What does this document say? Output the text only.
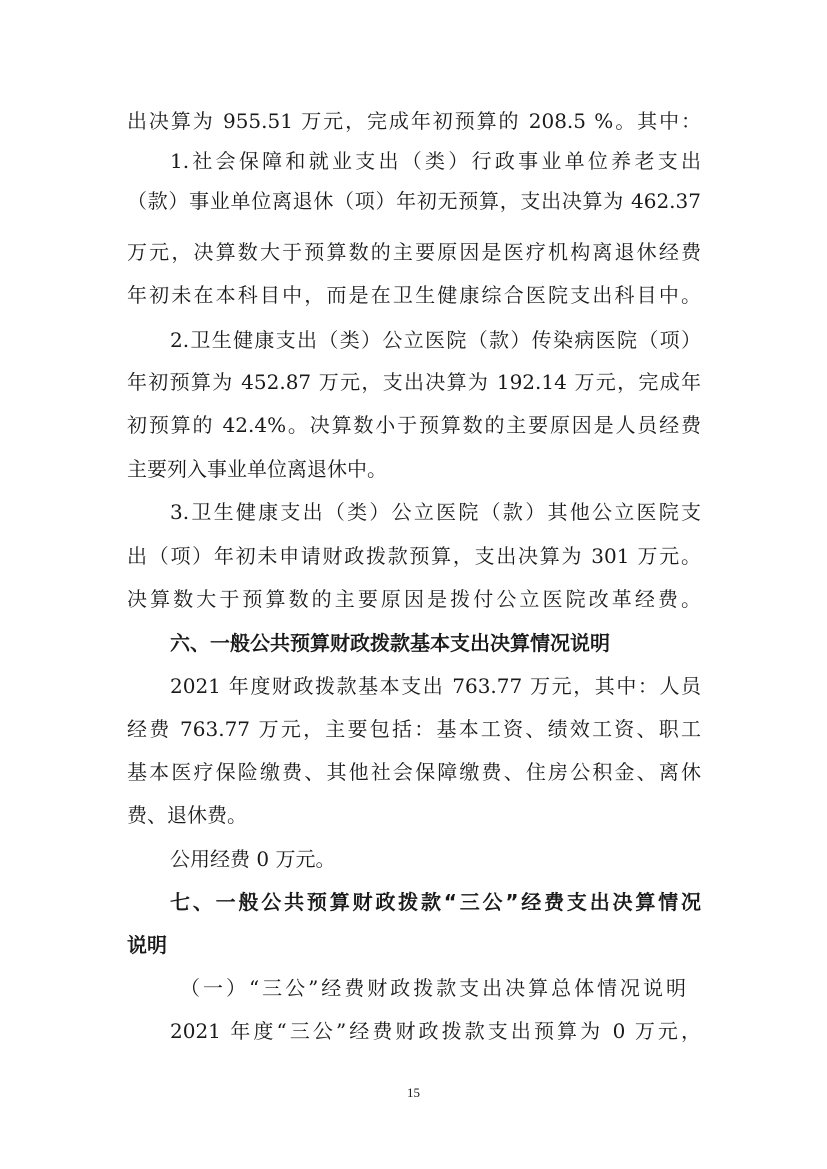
出决算为 955.51 万元，完成年初预算的 208.5 %。其中：
1.社会保障和就业支出（类）行政事业单位养老支出
（款）事业单位离退休（项）年初无预算，支出决算为 462.37
万元，决算数大于预算数的主要原因是医疗机构离退休经费
年初未在本科目中，而是在卫生健康综合医院支出科目中。
2.卫生健康支出（类）公立医院（款）传染病医院（项）
年初预算为 452.87 万元，支出决算为 192.14 万元，完成年
初预算的 42.4%。决算数小于预算数的主要原因是人员经费
主要列入事业单位离退休中。
3.卫生健康支出（类）公立医院（款）其他公立医院支
出（项）年初未申请财政拨款预算，支出决算为 301 万元。
决算数大于预算数的主要原因是拨付公立医院改革经费。
六、一般公共预算财政拨款基本支出决算情况说明
2021 年度财政拨款基本支出 763.77 万元，其中：人员
经费 763.77 万元，主要包括：基本工资、绩效工资、职工
基本医疗保险缴费、其他社会保障缴费、住房公积金、离休
费、退休费。
公用经费 0 万元。
七、一般公共预算财政拨款“三公”经费支出决算情况
说明
（一）“三公”经费财政拨款支出决算总体情况说明
2021 年度“三公”经费财政拨款支出预算为 0 万元，
15
